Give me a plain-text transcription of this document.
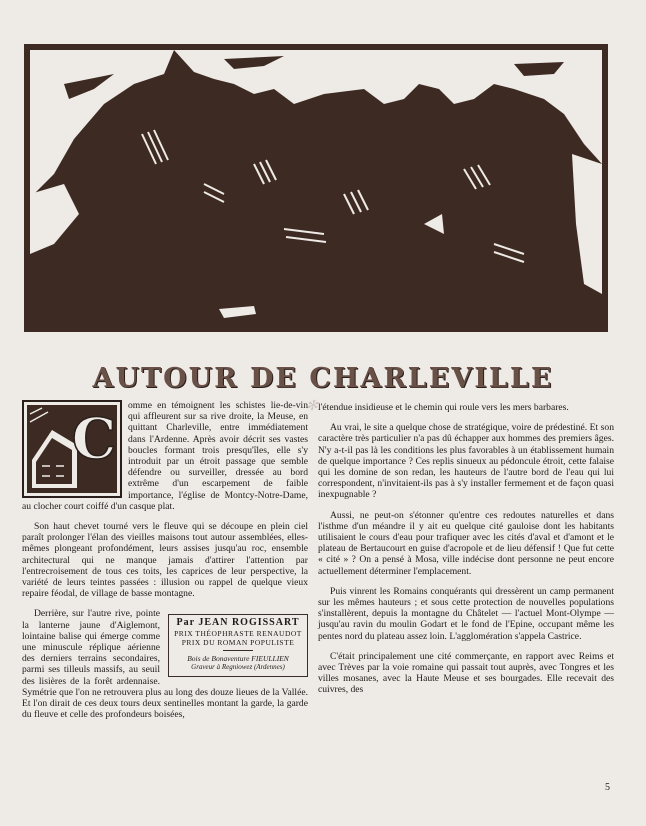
AUTOUR DE CHARLEVILLE
✻
C

omme en témoignent les schistes lie-de-vin qui affleurent sur sa rive droite, la Meuse, en quittant Charleville, entre immédiatement dans l'Ardenne. Après avoir décrit ses vastes boucles formant trois presqu'îles, elle s'y introduit par un étroit passage que semble défendre ou surveiller, dressée au bord extrême d'un escarpement de faible importance, l'église de Montcy-Notre-Dame, au clocher court coiffé d'un casque plat.

Son haut chevet tourné vers le fleuve qui se découpe en plein ciel paraît prolonger l'élan des vieilles maisons tout autour assemblées, elles-mêmes plongeant profondément, leurs assises jusqu'au roc, ensemble architectural qui ne manque jamais d'attirer l'attention par l'entrecroisement de tous ces toits, les caprices de leur perspective, la variété de leurs teintes passées : illusion ou rappel de quelque vieux repaire féodal, de village de basse montagne.

Par JEAN ROGISSART
PRIX THÉOPHRASTE RENAUDOT
PRIX DU ROMAN POPULISTE
Bois de Bonaventure FIEULLIEN
Graveur à Regniowez (Ardennes)

Derrière, sur l'autre rive, pointe la lanterne jaune d'Aiglemont, lointaine balise qui émerge comme une minuscule réplique aérienne des derniers terrains secondaires, parmi ses tilleuls massifs, au seuil des lisières de la forêt ardennaise. Symétrie que l'on ne retrouvera plus au long des douze lieues de la Vallée. Et l'on dirait de ces deux tours deux sentinelles montant la garde, la garde du fleuve et celle des profondeurs boisées,

l'étendue insidieuse et le chemin qui roule vers les mers barbares.

Au vrai, le site a quelque chose de stratégique, voire de prédestiné. Et son caractère très particulier n'a pas dû échapper aux hommes des premiers âges. N'y a-t-il pas là les conditions les plus favorables à un établissement humain de quelque importance ? Ces replis sinueux au pédoncule étroit, cette falaise qui les domine de son redan, les hauteurs de l'autre bord de l'eau qui lui correspondent, n'invitaient-ils pas à s'y installer fermement et de façon quasi inexpugnable ?

Aussi, ne peut-on s'étonner qu'entre ces redoutes naturelles et dans l'isthme d'un méandre il y ait eu quelque cité gauloise dont les habitants utilisaient le cours d'eau pour trafiquer avec les cités d'aval et d'amont et le plateau de Bertaucourt en guise d'acropole et de lieu défensif ! Que fut cette « cité » ? On a pensé à Mosa, ville indécise dont personne ne peut encore actuellement déterminer l'emplacement.

Puis vinrent les Romains conquérants qui dressèrent un camp permanent sur les mêmes hauteurs ; et sous cette protection de nouvelles populations s'installèrent, depuis la montagne du Châtelet — l'actuel Mont-Olympe — jusqu'au ravin du moulin Godart et le fond de l'Epine, occupant même les pentes nord du plateau assez loin. L'agglomération s'appela Castrice.

C'était principalement une cité commerçante, en rapport avec Reims et avec Trèves par la voie romaine qui passait tout auprès, avec Tongres et les villes mosanes, avec la Haute Meuse et ses bourgades. Elle recevait des cuivres, des

5
